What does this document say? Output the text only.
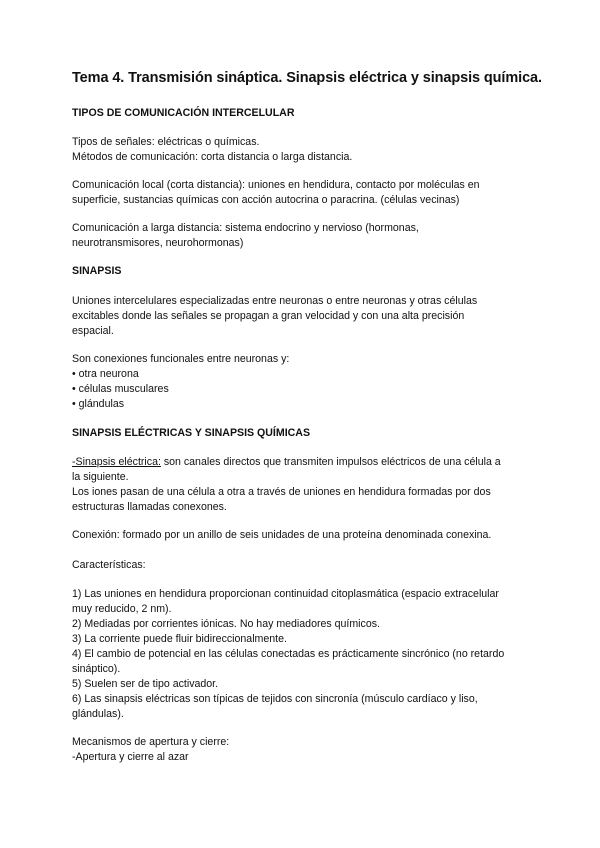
Tema 4. Transmisión sináptica. Sinapsis eléctrica y sinapsis química.
TIPOS DE COMUNICACIÓN INTERCELULAR
Tipos de señales: eléctricas o químicas.
Métodos de comunicación: corta distancia o larga distancia.
Comunicación local (corta distancia): uniones en hendidura, contacto por moléculas en
superficie, sustancias químicas con acción autocrina o paracrina. (células vecinas)
Comunicación a larga distancia: sistema endocrino y nervioso (hormonas,
neurotransmisores, neurohormonas)
SINAPSIS
Uniones intercelulares especializadas entre neuronas o entre neuronas y otras células
excitables donde las señales se propagan a gran velocidad y con una alta precisión
espacial.
Son conexiones funcionales entre neuronas y:
• otra neurona
• células musculares
• glándulas
SINAPSIS ELÉCTRICAS Y SINAPSIS QUÍMICAS
-Sinapsis eléctrica: son canales directos que transmiten impulsos eléctricos de una célula a
la siguiente.
Los iones pasan de una célula a otra a través de uniones en hendidura formadas por dos
estructuras llamadas conexones.
Conexión: formado por un anillo de seis unidades de una proteína denominada conexina.
Características:
1) Las uniones en hendidura proporcionan continuidad citoplasmática (espacio extracelular
muy reducido, 2 nm).
2) Mediadas por corrientes iónicas. No hay mediadores químicos.
3) La corriente puede fluir bidireccionalmente.
4) El cambio de potencial en las células conectadas es prácticamente sincrónico (no retardo
sináptico).
5) Suelen ser de tipo activador.
6) Las sinapsis eléctricas son típicas de tejidos con sincronía (músculo cardíaco y liso,
glándulas).
Mecanismos de apertura y cierre:
-Apertura y cierre al azar
